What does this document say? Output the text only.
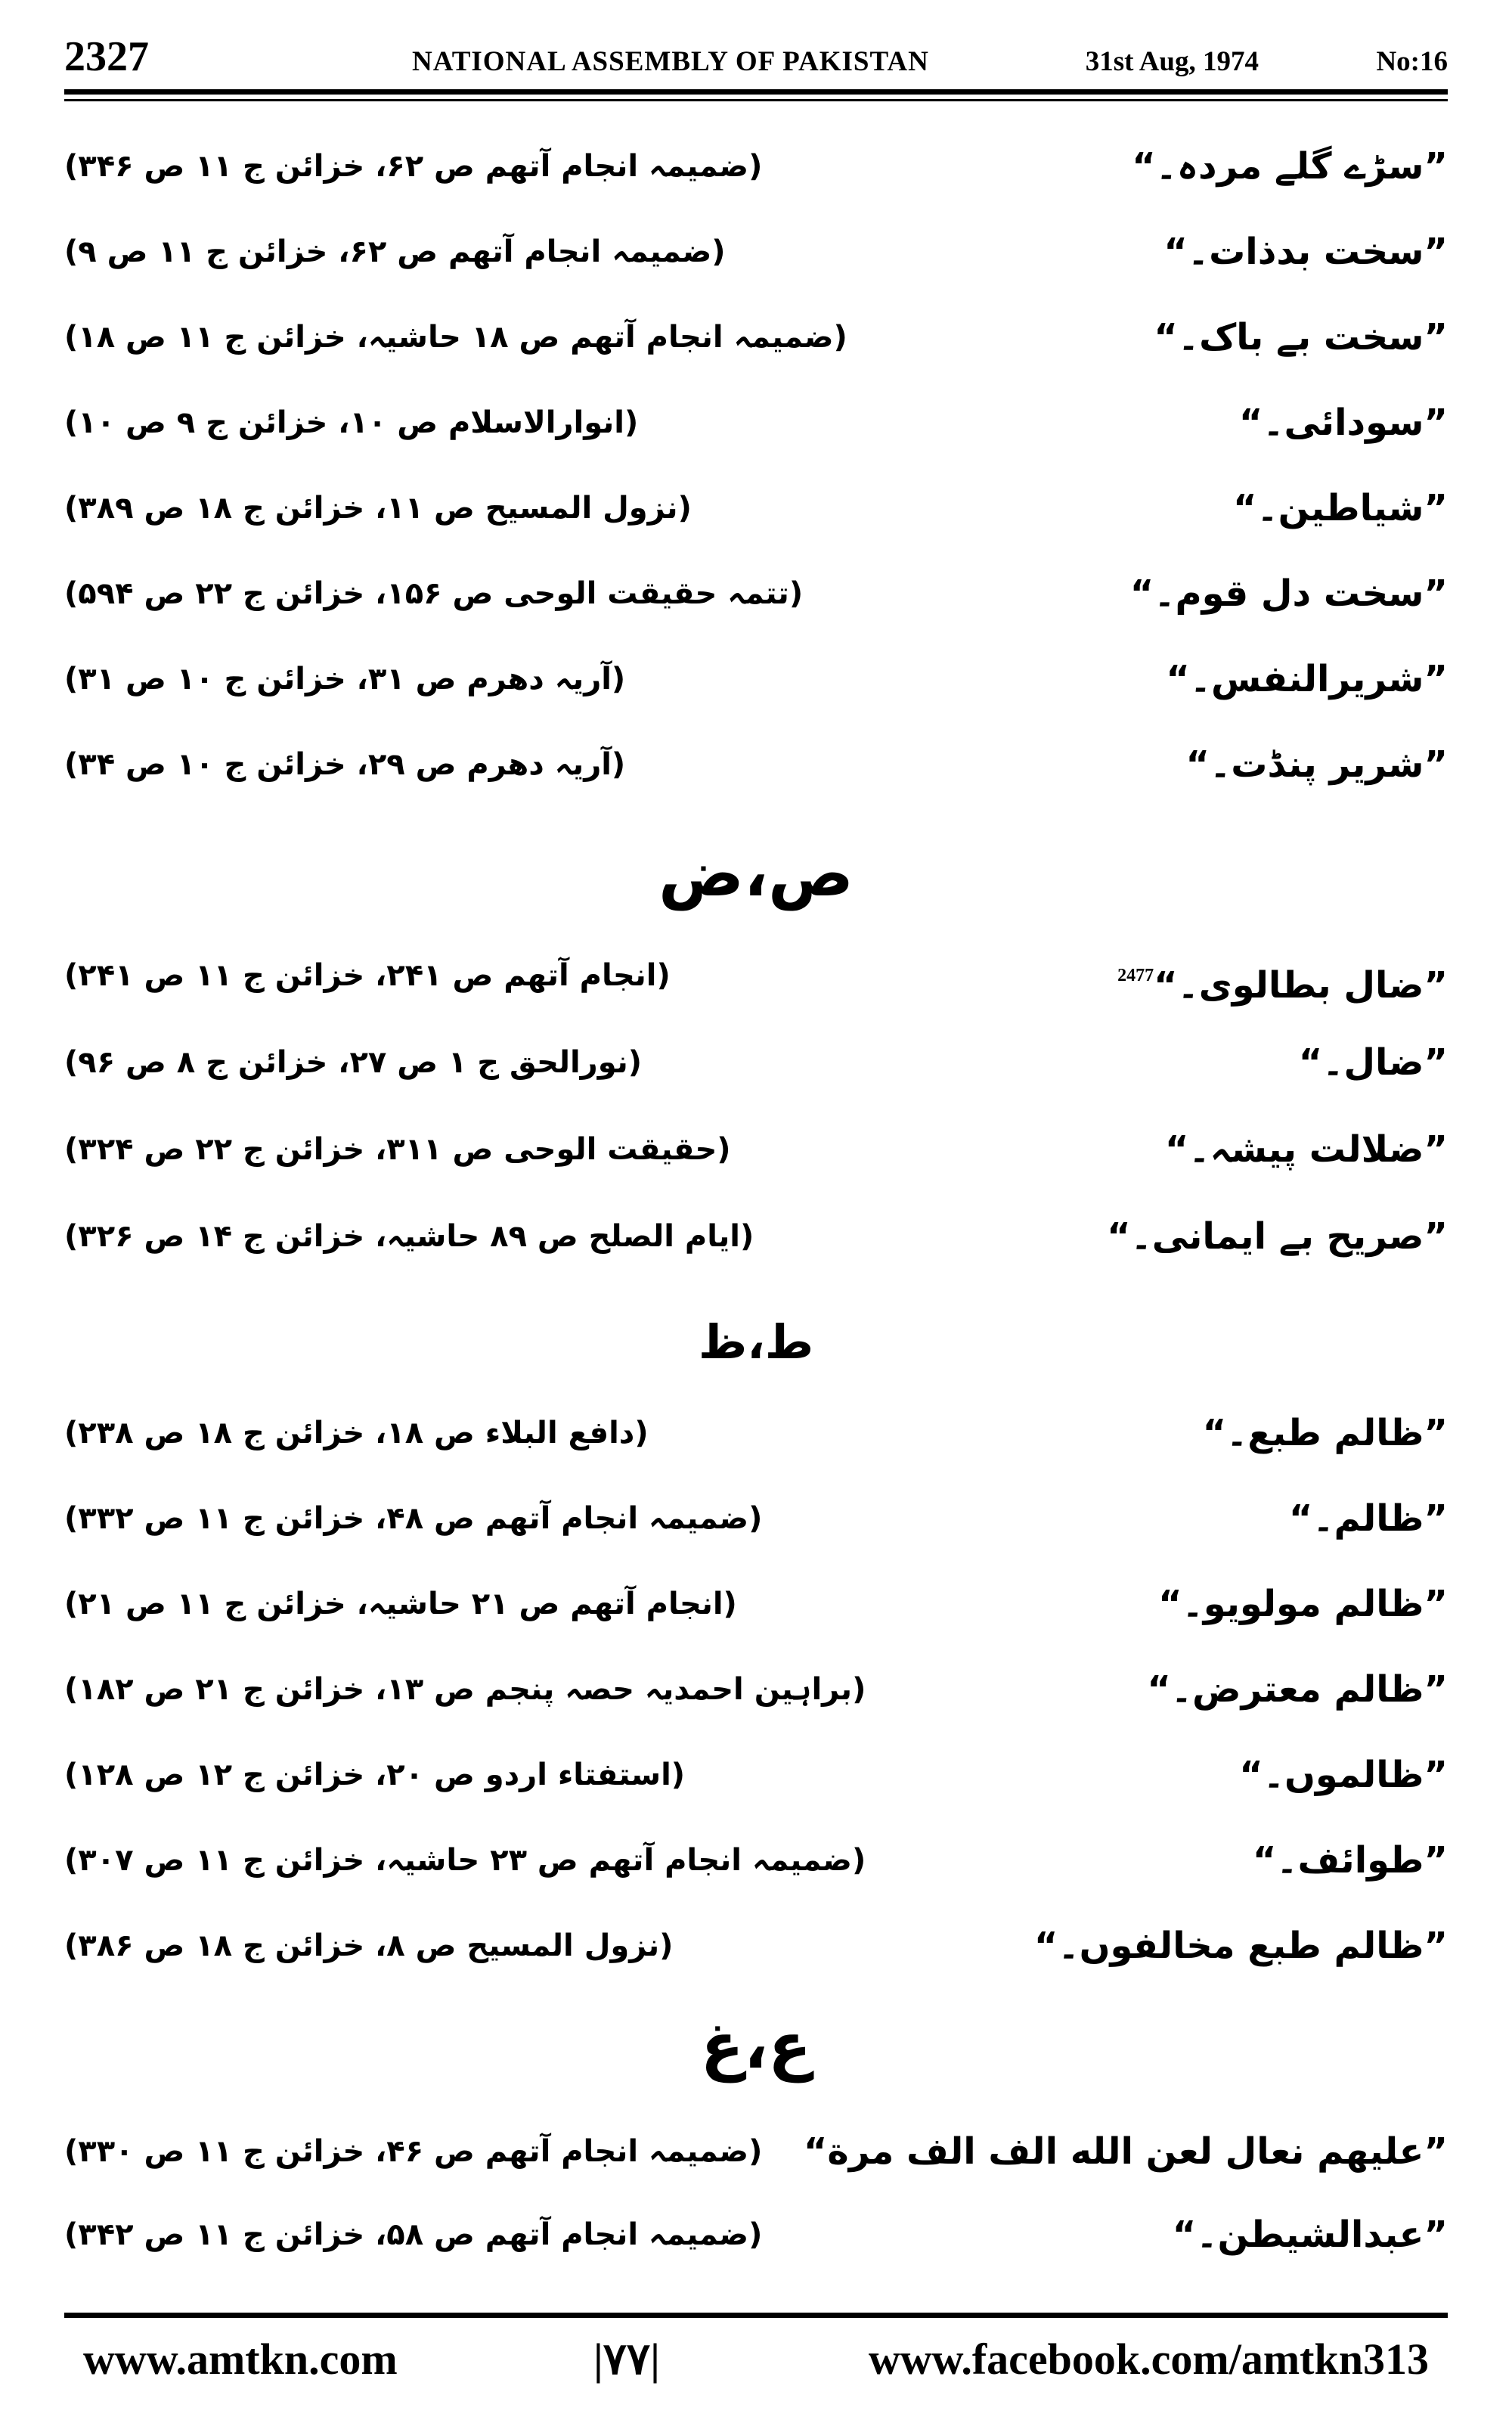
2327	NATIONAL ASSEMBLY OF PAKISTAN	31st Aug, 1974	No:16
”سڑے گلے مردہ۔“
(ضمیمہ انجام آتھم ص ۶۲، خزائن ج ۱۱ ص ۳۴۶)
”سخت بدذات۔“
(ضمیمہ انجام آتھم ص ۶۲، خزائن ج ۱۱ ص ۹)
”سخت بے باک۔“
(ضمیمہ انجام آتھم ص ۱۸ حاشیہ، خزائن ج ۱۱ ص ۱۸)
”سودائی۔“
(انوارالاسلام ص ۱۰، خزائن ج ۹ ص ۱۰)
”شیاطین۔“
(نزول المسیح ص ۱۱، خزائن ج ۱۸ ص ۳۸۹)
”سخت دل قوم۔“
(تتمہ حقیقت الوحی ص ۱۵۶، خزائن ج ۲۲ ص ۵۹۴)
”شریرالنفس۔“
(آریہ دھرم ص ۳۱، خزائن ج ۱۰ ص ۳۱)
”شریر پنڈت۔“
(آریہ دھرم ص ۲۹، خزائن ج ۱۰ ص ۳۴)
ص،ض
”ضال بطالوی۔“$^{2477}$
(انجام آتھم ص ۲۴۱، خزائن ج ۱۱ ص ۲۴۱)
”ضال۔“
(نورالحق ج ۱ ص ۲۷، خزائن ج ۸ ص ۹۶)
”ضلالت پیشہ۔“
(حقیقت الوحی ص ۳۱۱، خزائن ج ۲۲ ص ۳۲۴)
”صریح بے ایمانی۔“
(ایام الصلح ص ۸۹ حاشیہ، خزائن ج ۱۴ ص ۳۲۶)
ط،ظ
”ظالم طبع۔“
(دافع البلاء ص ۱۸، خزائن ج ۱۸ ص ۲۳۸)
”ظالم۔“
(ضمیمہ انجام آتھم ص ۴۸، خزائن ج ۱۱ ص ۳۳۲)
”ظالم مولویو۔“
(انجام آتھم ص ۲۱ حاشیہ، خزائن ج ۱۱ ص ۲۱)
”ظالم معترض۔“
(براہین احمدیہ حصہ پنجم ص ۱۳، خزائن ج ۲۱ ص ۱۸۲)
”ظالموں۔“
(استفتاء اردو ص ۲۰، خزائن ج ۱۲ ص ۱۲۸)
”طوائف۔“
(ضمیمہ انجام آتھم ص ۲۳ حاشیہ، خزائن ج ۱۱ ص ۳۰۷)
”ظالم طبع مخالفوں۔“
(نزول المسیح ص ۸، خزائن ج ۱۸ ص ۳۸۶)
ع،غ
”عليهم نعال لعن الله الف الف مرة“
(ضمیمہ انجام آتھم ص ۴۶، خزائن ج ۱۱ ص ۳۳۰)
”عبدالشیطن۔“
(ضمیمہ انجام آتھم ص ۵۸، خزائن ج ۱۱ ص ۳۴۲)
www.amtkn.com	|۷۷|	www.facebook.com/amtkn313
